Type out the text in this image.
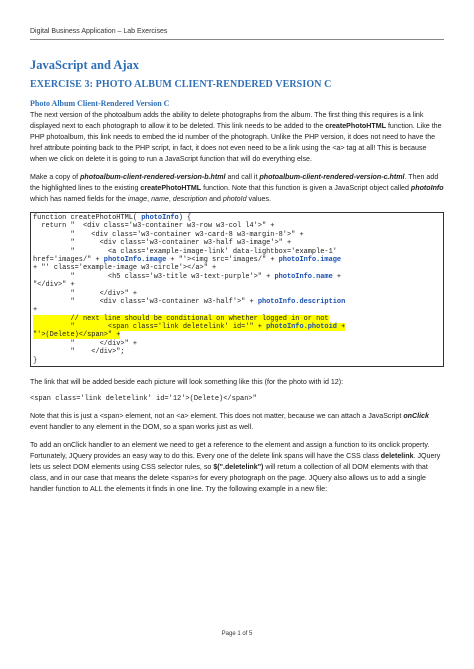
Digital Business Application – Lab Exercises
JavaScript and Ajax
EXERCISE 3: PHOTO ALBUM CLIENT-RENDERED VERSION C
Photo Album Client-Rendered Version C

The next version of the photoalbum adds the ability to delete photographs from the album. The first thing this requires is a link displayed next to each photograph to allow it to be deleted. This link needs to be added to the createPhotoHTML function. Like the PHP photoalbum, this link needs to embed the id number of the photograph. Unlike the PHP version, it does not need to have the href attribute pointing back to the PHP script, in fact, it does not even need to be a link using the <a> tag at all! This is because when we click on delete it is going to run a JavaScript function that will do everything else.

Make a copy of photoalbum-client-rendered-version-b.html and call it photoalbum-client-rendered-version-c.html. Then add the highlighted lines to the existing createPhotoHTML function. Note that this function is given a JavaScript object called photoInfo which has named fields for the image, name, description and photoId values.

function createPhotoHTML( photoInfo) {
return "  <div class='w3-container w3-row w3-col l4'>" +
"    <div class='w3-container w3-card-8 w3-margin-8'>" +
"      <div class='w3-container w3-half w3-image'>" +
"        <a class='example-image-link' data-lightbox='example-1'
href='images/" + photoInfo.image + "'><img src='images/" + photoInfo.image
+ "' class='example-image w3-circle'></a>" +
"        <h5 class='w3-title w3-text-purple'>" + photoInfo.name +
"</div>" +
"      </div>" +
"      <div class='w3-container w3-half'>" + photoInfo.description
+
// next line should be conditional on whether logged in or not
"        <span class='link deletelink' id='" + photoInfo.photoid +
"'>(Delete)</span>" +
"      </div>" +
"    </div>";
}

The link that will be added beside each picture will look something like this (for the photo with id 12):

<span class='link deletelink' id='12'>(Delete)</span>"

Note that this is just a <span> element, not an <a> element. This does not matter, because we can attach a JavaScript onClick event handler to any element in the DOM, so a span works just as well.

To add an onClick handler to an element we need to get a reference to the element and assign a function to its onclick property. Fortunately, JQuery provides an easy way to do this. Every one of the delete link spans will have the CSS class deletelink. JQuery lets us select DOM elements using CSS selector rules, so $(".deletelink") will return a collection of all DOM elements with that class, and in our case that means the delete <span>s for every photograph on the page. JQuery also allows us to add a single handler function to ALL the elements it finds in one line. Try the following example in a new file:

Page 1 of 5
